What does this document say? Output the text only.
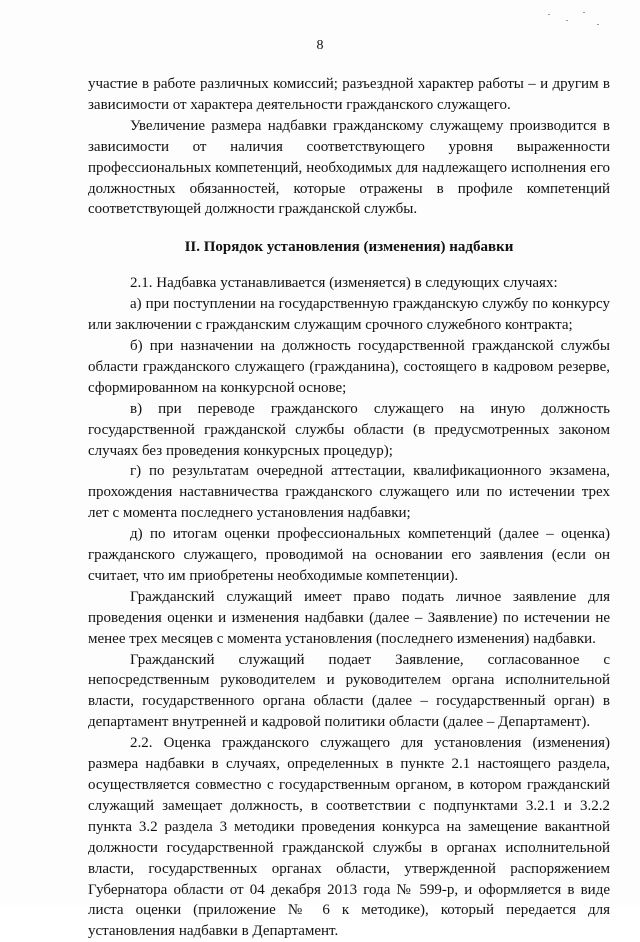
8

участие в работе различных комиссий; разъездной характер работы – и другим в зависимости от характера деятельности гражданского служащего.

Увеличение размера надбавки гражданскому служащему производится в зависимости от наличия соответствующего уровня выраженности профессиональных компетенций, необходимых для надлежащего исполнения его должностных обязанностей, которые отражены в профиле компетенций соответствующей должности гражданской службы.

II. Порядок установления (изменения) надбавки

2.1. Надбавка устанавливается (изменяется) в следующих случаях:

а) при поступлении на государственную гражданскую службу по конкурсу или заключении с гражданским служащим срочного служебного контракта;

б) при назначении на должность государственной гражданской службы области гражданского служащего (гражданина), состоящего в кадровом резерве, сформированном на конкурсной основе;

в) при переводе гражданского служащего на иную должность государственной гражданской службы области (в предусмотренных законом случаях без проведения конкурсных процедур);

г) по результатам очередной аттестации, квалификационного экзамена, прохождения наставничества гражданского служащего или по истечении трех лет с момента последнего установления надбавки;

д) по итогам оценки профессиональных компетенций (далее – оценка) гражданского служащего, проводимой на основании его заявления (если он считает, что им приобретены необходимые компетенции).

Гражданский служащий имеет право подать личное заявление для проведения оценки и изменения надбавки (далее – Заявление) по истечении не менее трех месяцев с момента установления (последнего изменения) надбавки.

Гражданский служащий подает Заявление, согласованное с непосредственным руководителем и руководителем органа исполнительной власти, государственного органа области (далее – государственный орган) в департамент внутренней и кадровой политики области (далее – Департамент).

2.2. Оценка гражданского служащего для установления (изменения) размера надбавки в случаях, определенных в пункте 2.1 настоящего раздела, осуществляется совместно с государственным органом, в котором гражданский служащий замещает должность, в соответствии с подпунктами 3.2.1 и 3.2.2 пункта 3.2 раздела 3 методики проведения конкурса на замещение вакантной должности государственной гражданской службы в органах исполнительной власти, государственных органах области, утвержденной распоряжением Губернатора области от 04 декабря 2013 года № 599-р, и оформляется в виде листа оценки (приложение № 6 к методике), который передается для установления надбавки в Департамент.
